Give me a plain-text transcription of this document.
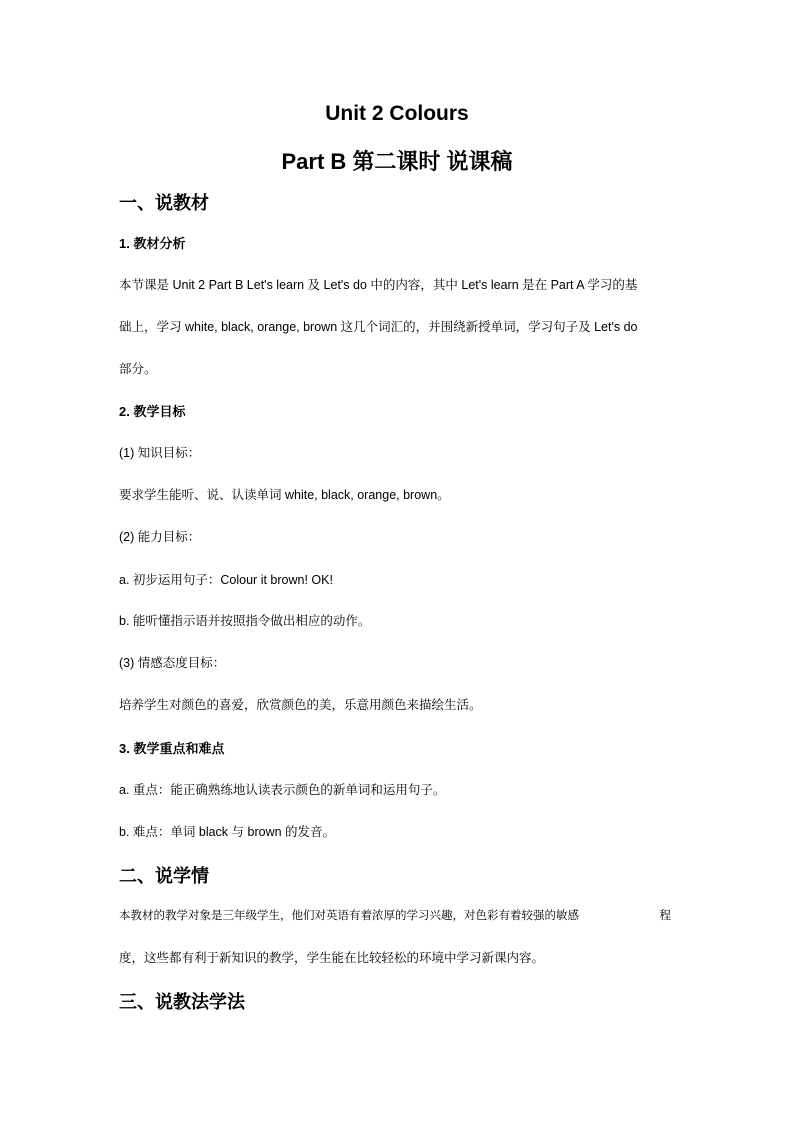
Unit 2 Colours
Part B 第二课时 说课稿
一、说教材
1. 教材分析
本节课是 Unit 2 Part B Let's learn 及 Let's do 中的内容，其中 Let's learn 是在 Part A 学习的基
础上，学习 white, black, orange, brown 这几个词汇的，并围绕新授单词，学习句子及 Let's do
部分。
2. 教学目标
(1) 知识目标：
要求学生能听、说、认读单词 white, black, orange, brown。
(2) 能力目标：
a. 初步运用句子：Colour it brown! OK!
b. 能听懂指示语并按照指令做出相应的动作。
(3) 情感态度目标：
培养学生对颜色的喜爱，欣赏颜色的美，乐意用颜色来描绘生活。
3. 教学重点和难点
a. 重点：能正确熟练地认读表示颜色的新单词和运用句子。
b. 难点：单词 black 与 brown 的发音。
二、说学情
本教材的教学对象是三年级学生，他们对英语有着浓厚的学习兴趣，对色彩有着较强的敏感	程
度，这些都有利于新知识的教学，学生能在比较轻松的环境中学习新课内容。
三、说教法学法
